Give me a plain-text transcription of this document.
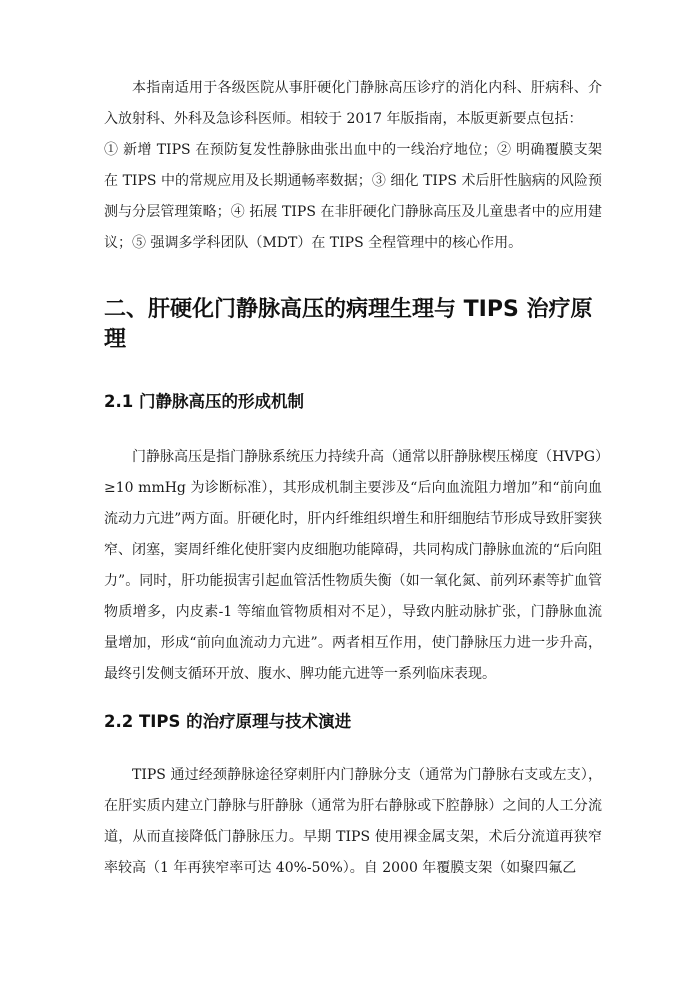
本指南适用于各级医院从事肝硬化门静脉高压诊疗的消化内科、肝病科、介入放射科、外科及急诊科医师。相较于 2017 年版指南，本版更新要点包括：

① 新增 TIPS 在预防复发性静脉曲张出血中的一线治疗地位；② 明确覆膜支架在 TIPS 中的常规应用及长期通畅率数据；③ 细化 TIPS 术后肝性脑病的风险预测与分层管理策略；④ 拓展 TIPS 在非肝硬化门静脉高压及儿童患者中的应用建议；⑤ 强调多学科团队（MDT）在 TIPS 全程管理中的核心作用。

二、肝硬化门静脉高压的病理生理与 TIPS 治疗原理
2.1 门静脉高压的形成机制

门静脉高压是指门静脉系统压力持续升高（通常以肝静脉楔压梯度（HVPG）≥10 mmHg 为诊断标准），其形成机制主要涉及“后向血流阻力增加”和“前向血流动力亢进”两方面。肝硬化时，肝内纤维组织增生和肝细胞结节形成导致肝窦狭窄、闭塞，窦周纤维化使肝窦内皮细胞功能障碍，共同构成门静脉血流的“后向阻力”。同时，肝功能损害引起血管活性物质失衡（如一氧化氮、前列环素等扩血管物质增多，内皮素-1 等缩血管物质相对不足），导致内脏动脉扩张，门静脉血流量增加，形成“前向血流动力亢进”。两者相互作用，使门静脉压力进一步升高，最终引发侧支循环开放、腹水、脾功能亢进等一系列临床表现。

2.2 TIPS 的治疗原理与技术演进

TIPS 通过经颈静脉途径穿刺肝内门静脉分支（通常为门静脉右支或左支），在肝实质内建立门静脉与肝静脉（通常为肝右静脉或下腔静脉）之间的人工分流道，从而直接降低门静脉压力。早期 TIPS 使用裸金属支架，术后分流道再狭窄率较高（1 年再狭窄率可达 40%-50%）。自 2000 年覆膜支架（如聚四氟乙
